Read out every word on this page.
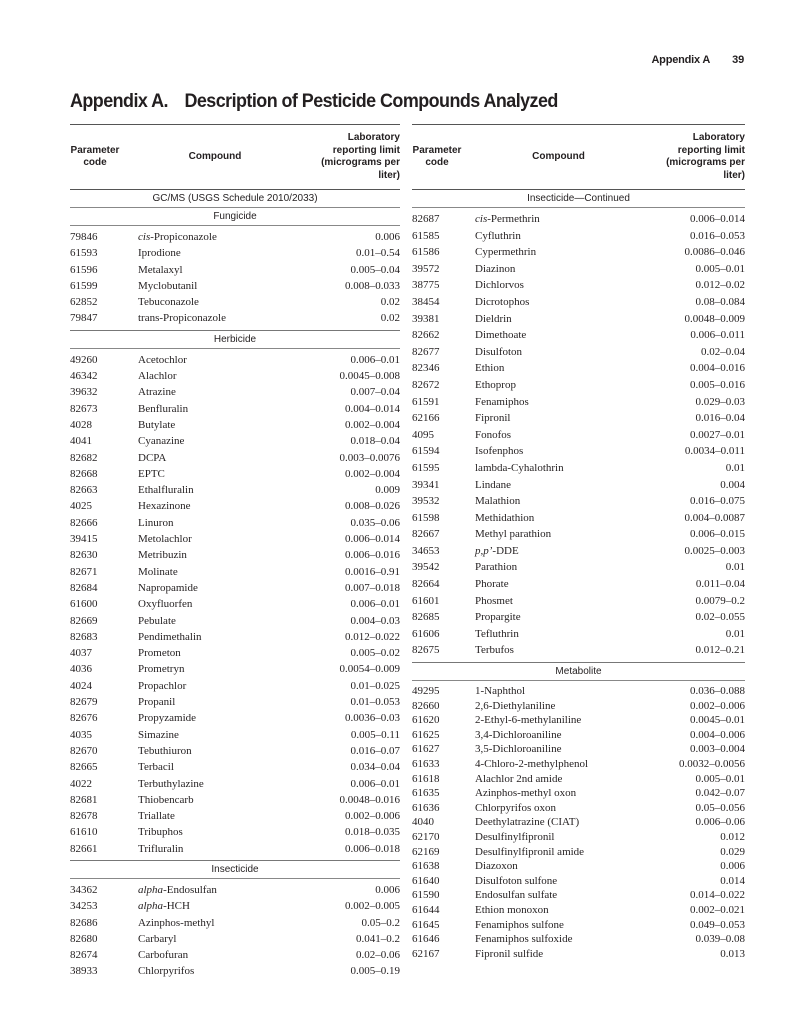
Appendix A 39
Appendix A. Description of Pesticide Compounds Analyzed
Parameter code
Compound
Laboratory reporting limit (micrograms per liter)
GC/MS (USGS Schedule 2010/2033)
Fungicide
79846	cis-Propiconazole	0.006
61593	Iprodione	0.01–0.54
61596	Metalaxyl	0.005–0.04
61599	Myclobutanil	0.008–0.033
62852	Tebuconazole	0.02
79847	trans-Propiconazole	0.02
Herbicide
49260	Acetochlor	0.006–0.01
46342	Alachlor	0.0045–0.008
39632	Atrazine	0.007–0.04
82673	Benfluralin	0.004–0.014
4028	Butylate	0.002–0.004
4041	Cyanazine	0.018–0.04
82682	DCPA	0.003–0.0076
82668	EPTC	0.002–0.004
82663	Ethalfluralin	0.009
4025	Hexazinone	0.008–0.026
82666	Linuron	0.035–0.06
39415	Metolachlor	0.006–0.014
82630	Metribuzin	0.006–0.016
82671	Molinate	0.0016–0.91
82684	Napropamide	0.007–0.018
61600	Oxyfluorfen	0.006–0.01
82669	Pebulate	0.004–0.03
82683	Pendimethalin	0.012–0.022
4037	Prometon	0.005–0.02
4036	Prometryn	0.0054–0.009
4024	Propachlor	0.01–0.025
82679	Propanil	0.01–0.053
82676	Propyzamide	0.0036–0.03
4035	Simazine	0.005–0.11
82670	Tebuthiuron	0.016–0.07
82665	Terbacil	0.034–0.04
4022	Terbuthylazine	0.006–0.01
82681	Thiobencarb	0.0048–0.016
82678	Triallate	0.002–0.006
61610	Tribuphos	0.018–0.035
82661	Trifluralin	0.006–0.018
Insecticide
34362	alpha-Endosulfan	0.006
34253	alpha-HCH	0.002–0.005
82686	Azinphos-methyl	0.05–0.2
82680	Carbaryl	0.041–0.2
82674	Carbofuran	0.02–0.06
38933	Chlorpyrifos	0.005–0.19
Parameter code
Compound
Laboratory reporting limit (micrograms per liter)
Insecticide—Continued
82687	cis-Permethrin	0.006–0.014
61585	Cyfluthrin	0.016–0.053
61586	Cypermethrin	0.0086–0.046
39572	Diazinon	0.005–0.01
38775	Dichlorvos	0.012–0.02
38454	Dicrotophos	0.08–0.084
39381	Dieldrin	0.0048–0.009
82662	Dimethoate	0.006–0.011
82677	Disulfoton	0.02–0.04
82346	Ethion	0.004–0.016
82672	Ethoprop	0.005–0.016
61591	Fenamiphos	0.029–0.03
62166	Fipronil	0.016–0.04
4095	Fonofos	0.0027–0.01
61594	Isofenphos	0.0034–0.011
61595	lambda-Cyhalothrin	0.01
39341	Lindane	0.004
39532	Malathion	0.016–0.075
61598	Methidathion	0.004–0.0087
82667	Methyl parathion	0.006–0.015
34653	p,p’-DDE	0.0025–0.003
39542	Parathion	0.01
82664	Phorate	0.011–0.04
61601	Phosmet	0.0079–0.2
82685	Propargite	0.02–0.055
61606	Tefluthrin	0.01
82675	Terbufos	0.012–0.21
Metabolite
49295	1-Naphthol	0.036–0.088
82660	2,6-Diethylaniline	0.002–0.006
61620	2-Ethyl-6-methylaniline	0.0045–0.01
61625	3,4-Dichloroaniline	0.004–0.006
61627	3,5-Dichloroaniline	0.003–0.004
61633	4-Chloro-2-methylphenol	0.0032–0.0056
61618	Alachlor 2nd amide	0.005–0.01
61635	Azinphos-methyl oxon	0.042–0.07
61636	Chlorpyrifos oxon	0.05–0.056
4040	Deethylatrazine (CIAT)	0.006–0.06
62170	Desulfinylfipronil	0.012
62169	Desulfinylfipronil amide	0.029
61638	Diazoxon	0.006
61640	Disulfoton sulfone	0.014
61590	Endosulfan sulfate	0.014–0.022
61644	Ethion monoxon	0.002–0.021
61645	Fenamiphos sulfone	0.049–0.053
61646	Fenamiphos sulfoxide	0.039–0.08
62167	Fipronil sulfide	0.013
